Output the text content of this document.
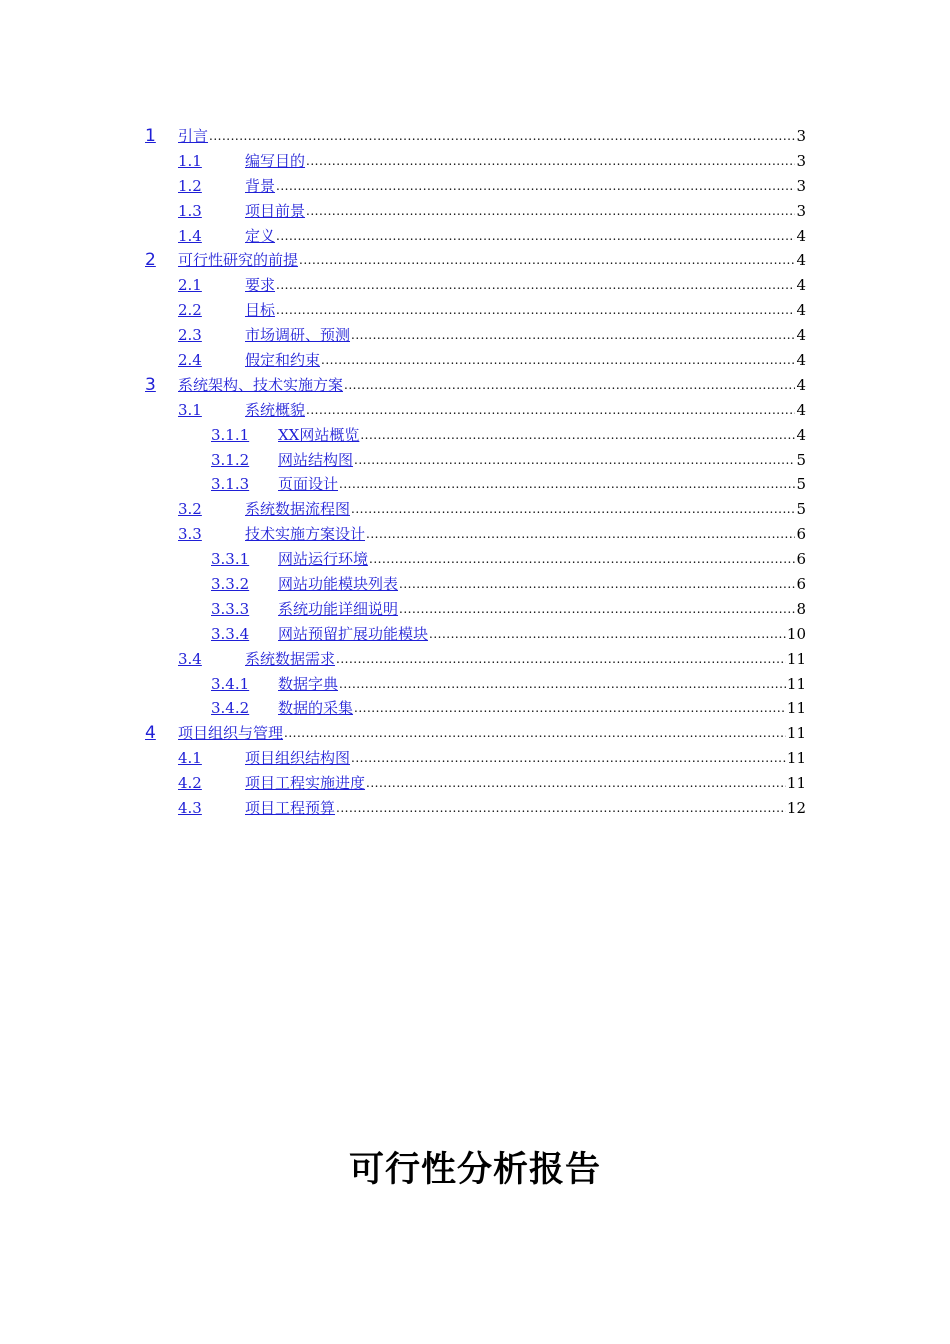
1 引言 .....	3
1.1	编写目的 .....	3
1.2	背景 .....	3
1.3	项目前景 .....	3
1.4	定义 .....	4
2 可行性研究的前提 .....	4
2.1	要求 .....	4
2.2	目标 .....	4
2.3	市场调研、预测 .....	4
2.4	假定和约束 .....	4
3 系统架构、技术实施方案 .....	4
3.1	系统概貌 .....	4
3.1.1 XX网站概览 .....	4
3.1.2 网站结构图 .....	5
3.1.3 页面设计 .....	5
3.2	系统数据流程图 .....	5
3.3	技术实施方案设计 .....	6
3.3.1 网站运行环境 .....	6
3.3.2 网站功能模块列表 .....	6
3.3.3 系统功能详细说明 .....	8
3.3.4 网站预留扩展功能模块 .....	10
3.4	系统数据需求 .....	11
3.4.1 数据字典 .....	11
3.4.2 数据的采集 .....	11
4 项目组织与管理 .....	11
4.1	项目组织结构图 .....	11
4.2	项目工程实施进度 .....	11
4.3	项目工程预算 .....	12
可行性分析报告
